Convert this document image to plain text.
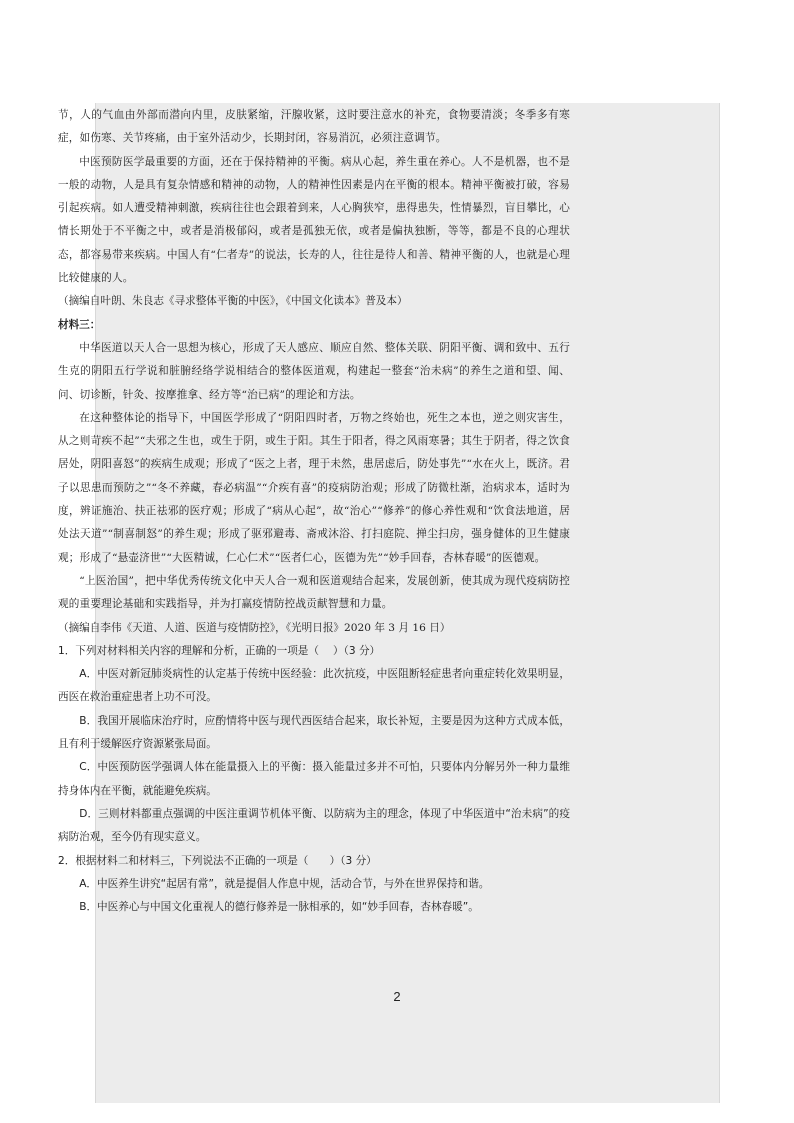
节，人的气血由外部而潜向内里，皮肤紧缩，汗腺收紧，这时要注意水的补充，食物要清淡；冬季多有寒症，如伤寒、关节疼痛，由于室外活动少，长期封闭，容易消沉，必须注意调节。

中医预防医学最重要的方面，还在于保持精神的平衡。病从心起，养生重在养心。人不是机器，也不是一般的动物，人是具有复杂情感和精神的动物，人的精神性因素是内在平衡的根本。精神平衡被打破，容易引起疾病。如人遭受精神刺激，疾病往往也会跟着到来，人心胸狭窄，患得患失，性情暴烈，盲目攀比，心情长期处于不平衡之中，或者是消极郁闷，或者是孤独无依，或者是偏执独断，等等，都是不良的心理状态，都容易带来疾病。中国人有“仁者寿”的说法，长寿的人，往往是待人和善、精神平衡的人，也就是心理比较健康的人。

（摘编自叶朗、朱良志《寻求整体平衡的中医》，《中国文化读本》普及本）

材料三：

中华医道以天人合一思想为核心，形成了天人感应、顺应自然、整体关联、阴阳平衡、调和致中、五行生克的阴阳五行学说和脏腑经络学说相结合的整体医道观，构建起一整套“治未病”的养生之道和望、闻、问、切诊断，针灸、按摩推拿、经方等“治已病”的理论和方法。

在这种整体论的指导下，中国医学形成了“阴阳四时者，万物之终始也，死生之本也，逆之则灾害生，从之则苛疾不起”“夫邪之生也，或生于阴，或生于阳。其生于阳者，得之风雨寒暑；其生于阴者，得之饮食居处，阴阳喜怒”的疾病生成观；形成了“医之上者，理于未然，患居虑后，防处事先”“水在火上，既济。君子以思患而预防之”“冬不养藏，春必病温”“介疾有喜”的疫病防治观；形成了防微杜渐，治病求本，适时为度，辨证施治、扶正祛邪的医疗观；形成了“病从心起”，故“治心”“修养”的修心养性观和“饮食法地道，居处法天道”“制喜制怒”的养生观；形成了驱邪避毒、斋戒沐浴、打扫庭院、掸尘扫房，强身健体的卫生健康观；形成了“悬壶济世”“大医精诚，仁心仁术”“医者仁心，医德为先”“妙手回春，杏林春暖”的医德观。

“上医治国”，把中华优秀传统文化中天人合一观和医道观结合起来，发展创新，使其成为现代疫病防控观的重要理论基础和实践指导，并为打赢疫情防控战贡献智慧和力量。

（摘编自李伟《天道、人道、医道与疫情防控》，《光明日报》2020 年 3 月 16 日）

1．下列对材料相关内容的理解和分析，正确的一项是（　 ）（3 分）

A．中医对新冠肺炎病性的认定基于传统中医经验：此次抗疫，中医阻断轻症患者向重症转化效果明显，西医在救治重症患者上功不可没。

B．我国开展临床治疗时，应酌情将中医与现代西医结合起来，取长补短，主要是因为这种方式成本低，且有利于缓解医疗资源紧张局面。

C．中医预防医学强调人体在能量摄入上的平衡：摄入能量过多并不可怕，只要体内分解另外一种力量维持身体内在平衡，就能避免疾病。

D．三则材料都重点强调的中医注重调节机体平衡、以防病为主的理念，体现了中华医道中“治未病”的疫病防治观，至今仍有现实意义。

2．根据材料二和材料三，下列说法不正确的一项是（　　）（3 分）

A．中医养生讲究“起居有常”，就是提倡人作息中规，活动合节，与外在世界保持和谐。

B．中医养心与中国文化重视人的德行修养是一脉相承的，如“妙手回春，杏林春暖”。

2
